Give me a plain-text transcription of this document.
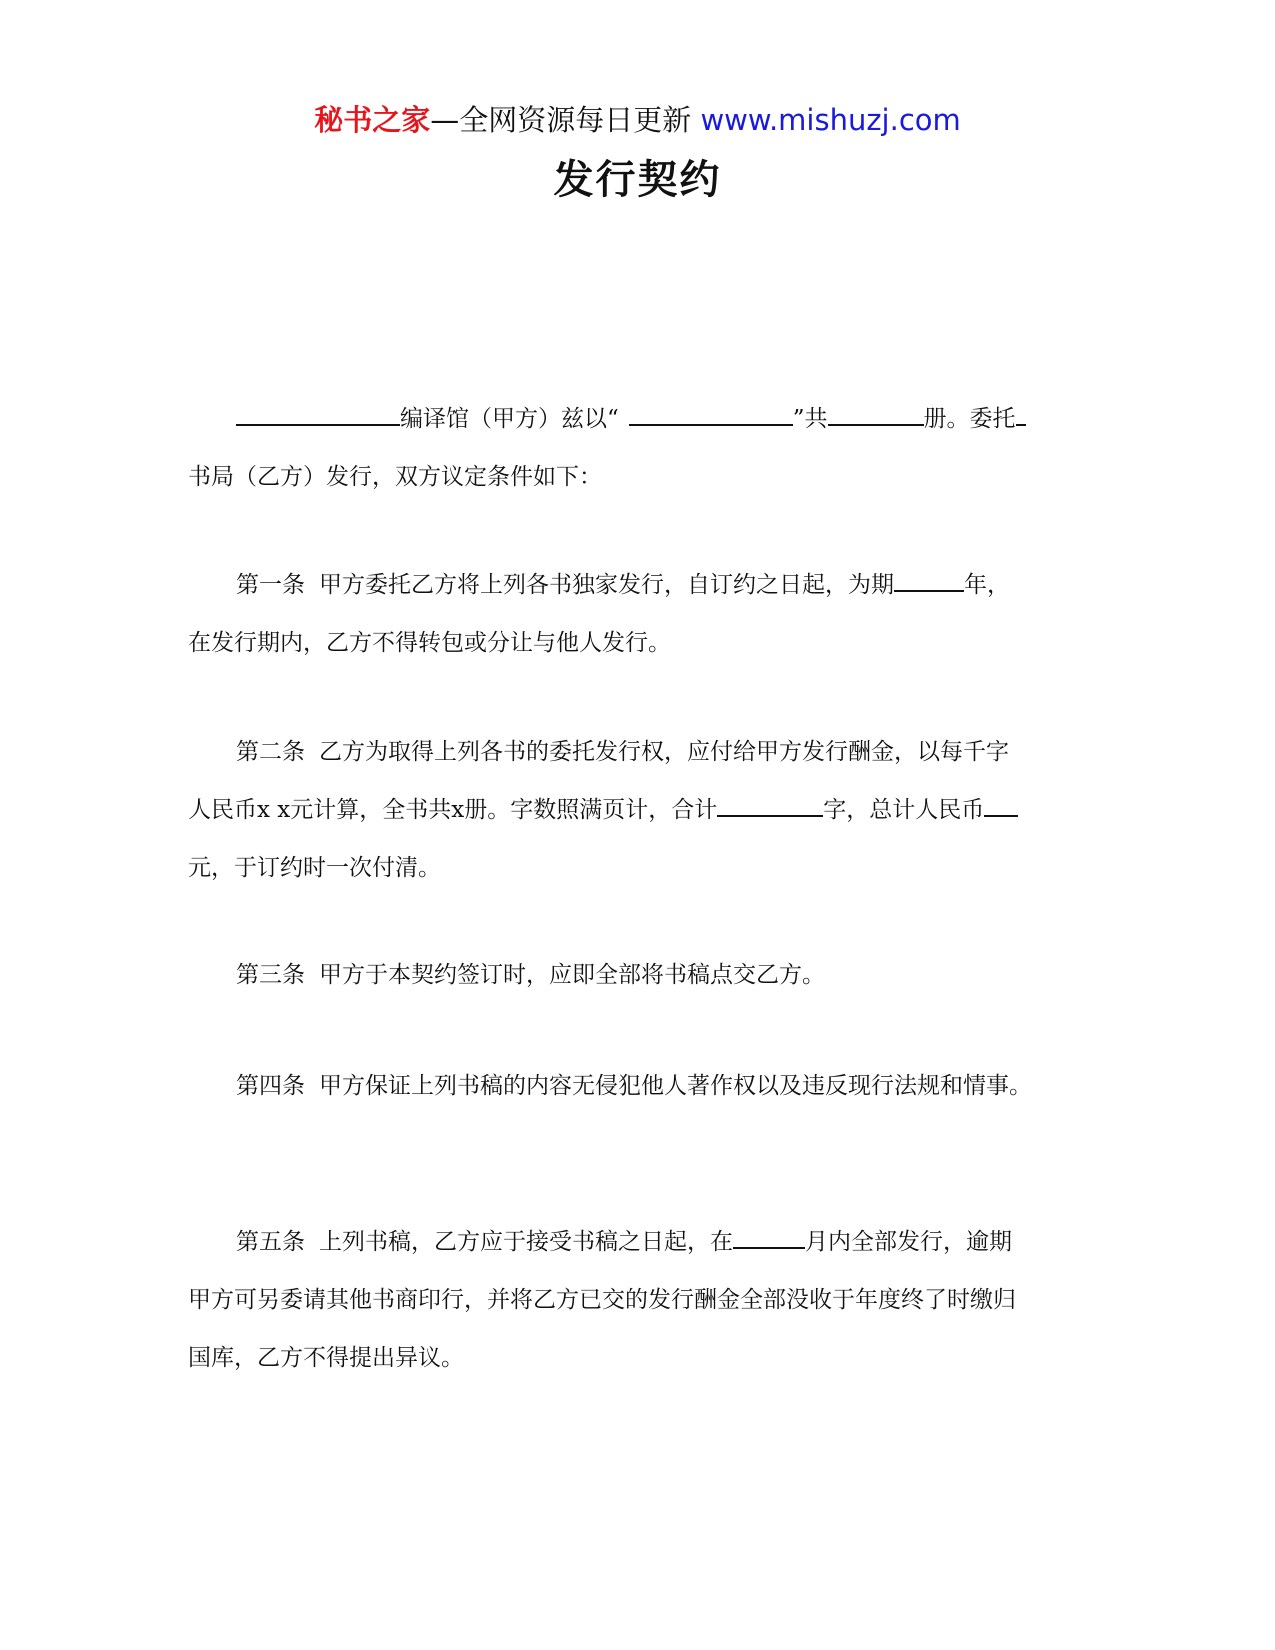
秘书之家—全网资源每日更新 www.mishuzj.com
发行契约
编译馆（甲方）兹以“	”共	册。委托
书局（乙方）发行，双方议定条件如下：
第一条 甲方委托乙方将上列各书独家发行，自订约之日起，为期	年，
在发行期内，乙方不得转包或分让与他人发行。
第二条 乙方为取得上列各书的委托发行权，应付给甲方发行酬金，以每千字
人民币x x元计算，全书共x册。字数照满页计，合计	字，总计人民币
元，于订约时一次付清。
第三条 甲方于本契约签订时，应即全部将书稿点交乙方。
第四条 甲方保证上列书稿的内容无侵犯他人著作权以及违反现行法规和情事。
第五条 上列书稿，乙方应于接受书稿之日起，在	月内全部发行，逾期
甲方可另委请其他书商印行，并将乙方已交的发行酬金全部没收于年度终了时缴归
国库，乙方不得提出异议。
